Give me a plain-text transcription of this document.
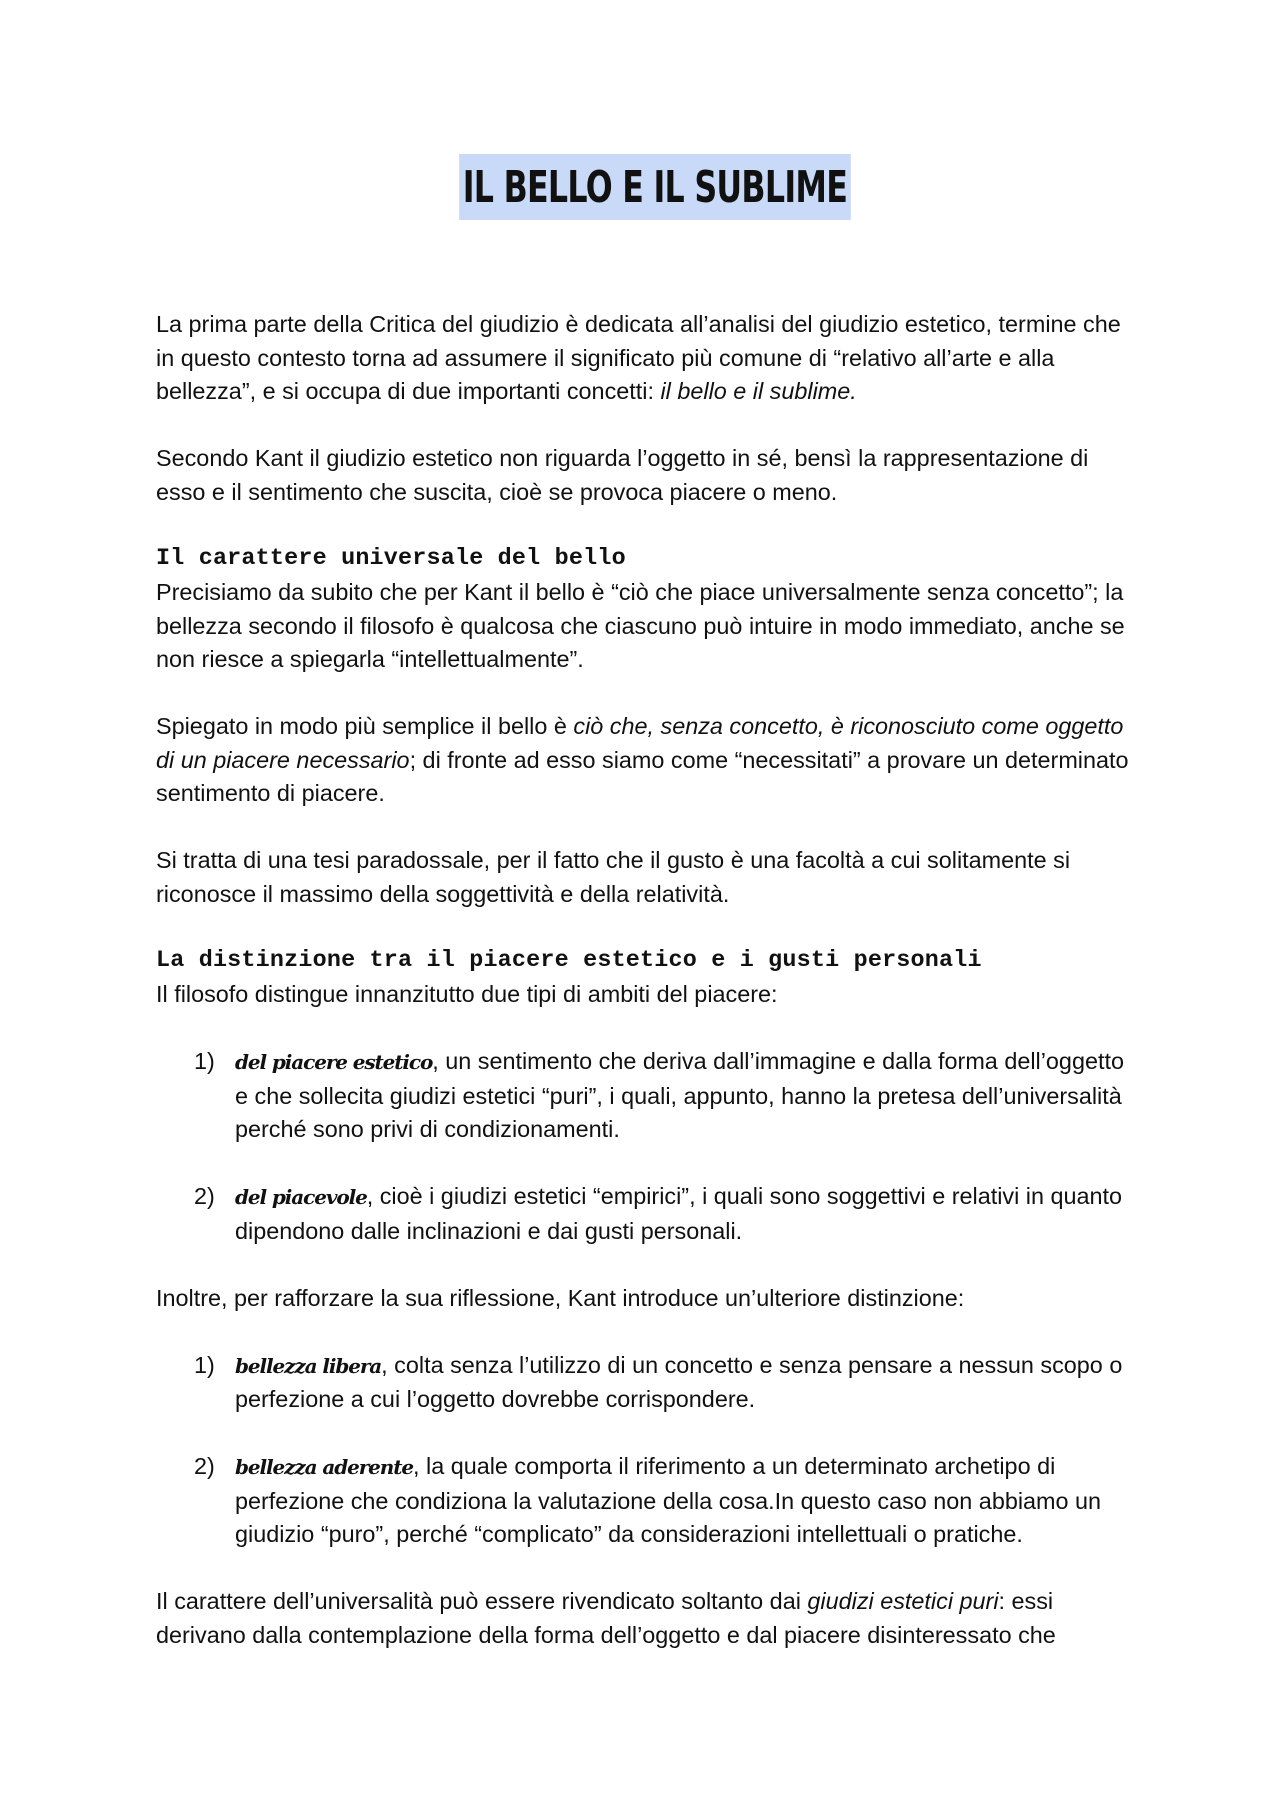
IL BELLO E IL SUBLIME

La prima parte della Critica del giudizio è dedicata all’analisi del giudizio estetico, termine che in questo contesto torna ad assumere il significato più comune di “relativo all’arte e alla bellezza”, e si occupa di due importanti concetti: il bello e il sublime.

Secondo Kant il giudizio estetico non riguarda l’oggetto in sé, bensì la rappresentazione di esso e il sentimento che suscita, cioè se provoca piacere o meno.

Il carattere universale del bello

Precisiamo da subito che per Kant il bello è “ciò che piace universalmente senza concetto”; la bellezza secondo il filosofo è qualcosa che ciascuno può intuire in modo immediato, anche se non riesce a spiegarla “intellettualmente”.

Spiegato in modo più semplice il bello è ciò che, senza concetto, è riconosciuto come oggetto di un piacere necessario; di fronte ad esso siamo come “necessitati” a provare un determinato sentimento di piacere.

Si tratta di una tesi paradossale, per il fatto che il gusto è una facoltà a cui solitamente si riconosce il massimo della soggettività e della relatività.

La distinzione tra il piacere estetico e i gusti personali

Il filosofo distingue innanzitutto due tipi di ambiti del piacere:

1) del piacere estetico, un sentimento che deriva dall’immagine e dalla forma dell’oggetto e che sollecita giudizi estetici “puri”, i quali, appunto, hanno la pretesa dell’universalità perché sono privi di condizionamenti.
2) del piacevole, cioè i giudizi estetici “empirici”, i quali sono soggettivi e relativi in quanto dipendono dalle inclinazioni e dai gusti personali.

Inoltre, per rafforzare la sua riflessione, Kant introduce un’ulteriore distinzione:

1) bellezza libera, colta senza l’utilizzo di un concetto e senza pensare a nessun scopo o perfezione a cui l’oggetto dovrebbe corrispondere.
2) bellezza aderente, la quale comporta il riferimento a un determinato archetipo di perfezione che condiziona la valutazione della cosa.In questo caso non abbiamo un giudizio “puro”, perché “complicato” da considerazioni intellettuali o pratiche.

Il carattere dell’universalità può essere rivendicato soltanto dai giudizi estetici puri: essi derivano dalla contemplazione della forma dell’oggetto e dal piacere disinteressato che
